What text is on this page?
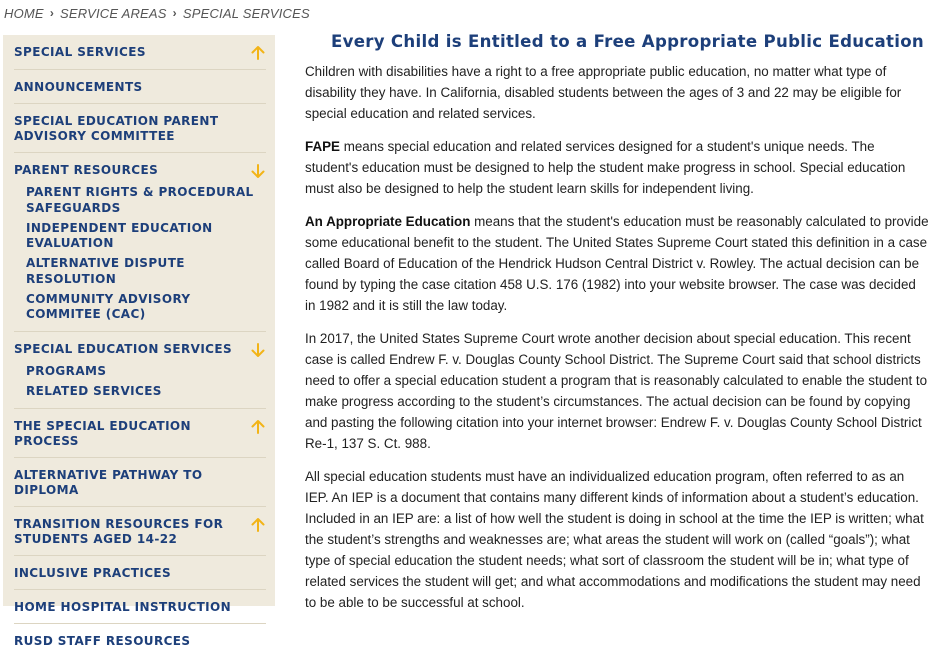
HOME › SERVICE AREAS › SPECIAL SERVICES
SPECIAL SERVICES
ANNOUNCEMENTS
SPECIAL EDUCATION PARENT ADVISORY COMMITTEE
PARENT RESOURCES
PARENT RIGHTS & PROCEDURAL SAFEGUARDS
INDEPENDENT EDUCATION EVALUATION
ALTERNATIVE DISPUTE RESOLUTION
COMMUNITY ADVISORY COMMITEE (CAC)
SPECIAL EDUCATION SERVICES
PROGRAMS
RELATED SERVICES
THE SPECIAL EDUCATION PROCESS
ALTERNATIVE PATHWAY TO DIPLOMA
TRANSITION RESOURCES FOR STUDENTS AGED 14-22
INCLUSIVE PRACTICES
HOME HOSPITAL INSTRUCTION
RUSD STAFF RESOURCES
Every Child is Entitled to a Free Appropriate Public Education

Children with disabilities have a right to a free appropriate public education, no matter what type of disability they have. In California, disabled students between the ages of 3 and 22 may be eligible for special education and related services.

FAPE means special education and related services designed for a student's unique needs. The student's education must be designed to help the student make progress in school. Special education must also be designed to help the student learn skills for independent living.

An Appropriate Education means that the student's education must be reasonably calculated to provide some educational benefit to the student. The United States Supreme Court stated this definition in a case called Board of Education of the Hendrick Hudson Central District v. Rowley. The actual decision can be found by typing the case citation 458 U.S. 176 (1982) into your website browser. The case was decided in 1982 and it is still the law today.

In 2017, the United States Supreme Court wrote another decision about special education. This recent case is called Endrew F. v. Douglas County School District. The Supreme Court said that school districts need to offer a special education student a program that is reasonably calculated to enable the student to make progress according to the student’s circumstances. The actual decision can be found by copying and pasting the following citation into your internet browser: Endrew F. v. Douglas County School District Re-1, 137 S. Ct. 988.

All special education students must have an individualized education program, often referred to as an IEP. An IEP is a document that contains many different kinds of information about a student’s education. Included in an IEP are: a list of how well the student is doing in school at the time the IEP is written; what the student’s strengths and weaknesses are; what areas the student will work on (called “goals”); what type of special education the student needs; what sort of classroom the student will be in; what type of related services the student will get; and what accommodations and modifications the student may need to be able to be successful at school.
